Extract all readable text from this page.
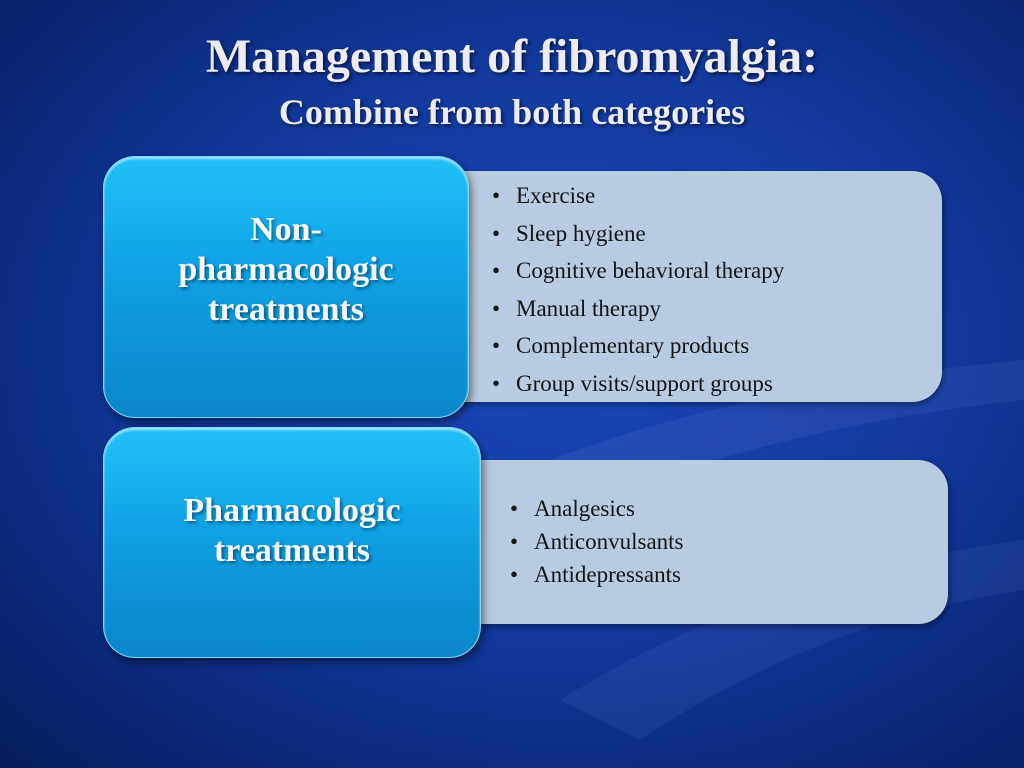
Management of fibromyalgia:
Combine from both categories
• Exercise
• Sleep hygiene
• Cognitive behavioral therapy
• Manual therapy
• Complementary products
• Group visits/support groups
Non-
pharmacologic
treatments
• Analgesics
• Anticonvulsants
• Antidepressants
Pharmacologic
treatments
